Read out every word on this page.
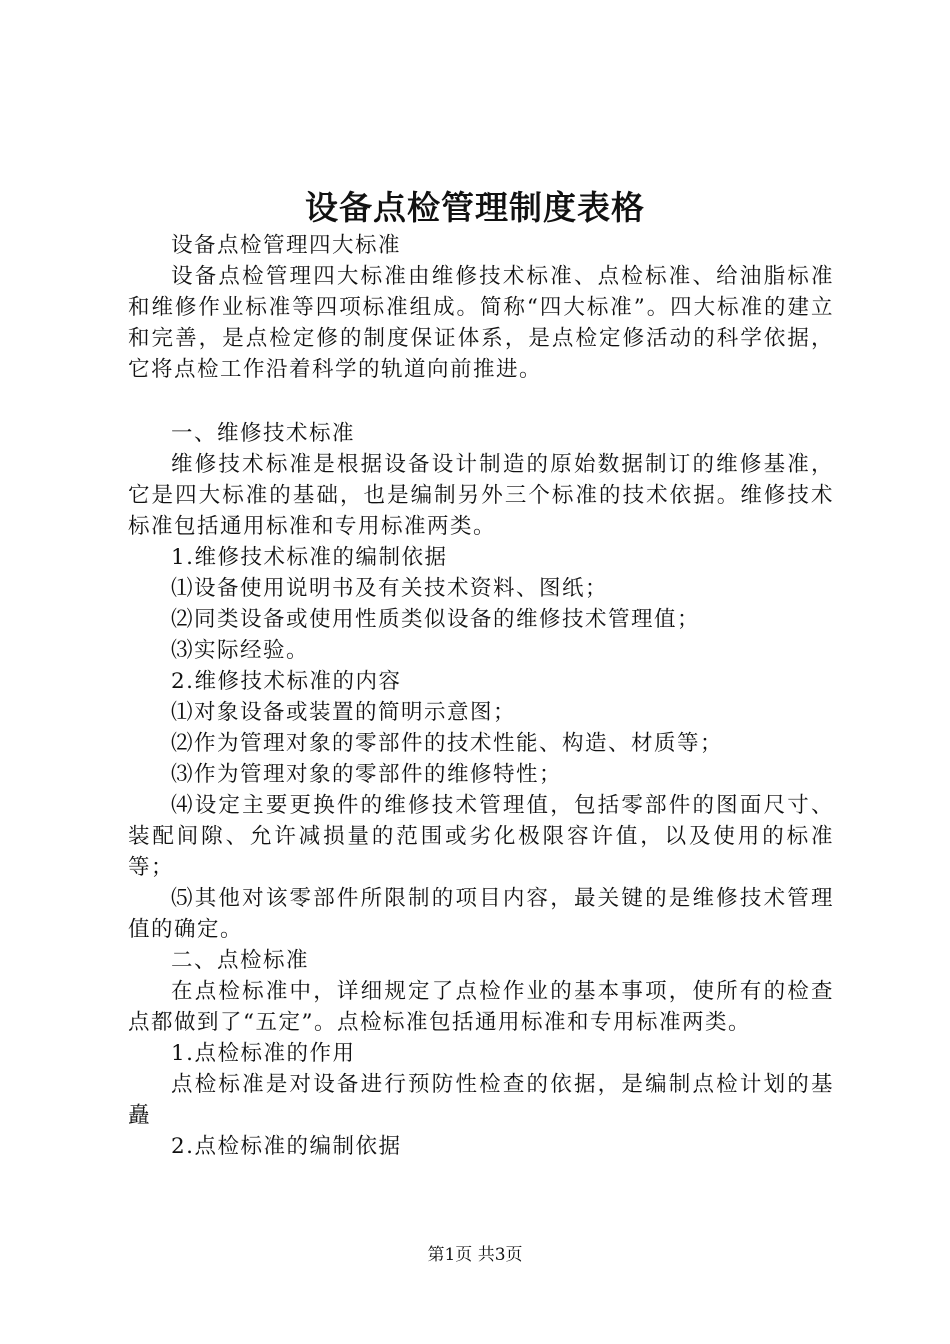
设备点检管理制度表格

设备点检管理四大标准

设备点检管理四大标准由维修技术标准、点检标准、给油脂标准和维修作业标准等四项标准组成。简称“四大标准”。四大标准的建立和完善，是点检定修的制度保证体系，是点检定修活动的科学依据，它将点检工作沿着科学的轨道向前推进。

一、维修技术标准

维修技术标准是根据设备设计制造的原始数据制订的维修基准，它是四大标准的基础，也是编制另外三个标准的技术依据。维修技术标准包括通用标准和专用标准两类。

1.维修技术标准的编制依据

⑴设备使用说明书及有关技术资料、图纸；

⑵同类设备或使用性质类似设备的维修技术管理值；

⑶实际经验。

2.维修技术标准的内容

⑴对象设备或装置的简明示意图；

⑵作为管理对象的零部件的技术性能、构造、材质等；

⑶作为管理对象的零部件的维修特性；

⑷设定主要更换件的维修技术管理值，包括零部件的图面尺寸、装配间隙、允许减损量的范围或劣化极限容许值，以及使用的标准等；

⑸其他对该零部件所限制的项目内容，最关键的是维修技术管理值的确定。

二、点检标准

在点检标准中，详细规定了点检作业的基本事项，使所有的检查点都做到了“五定”。点检标准包括通用标准和专用标准两类。

1.点检标准的作用

点检标准是对设备进行预防性检查的依据，是编制点检计划的基矗

2.点检标准的编制依据

第1页 共3页
